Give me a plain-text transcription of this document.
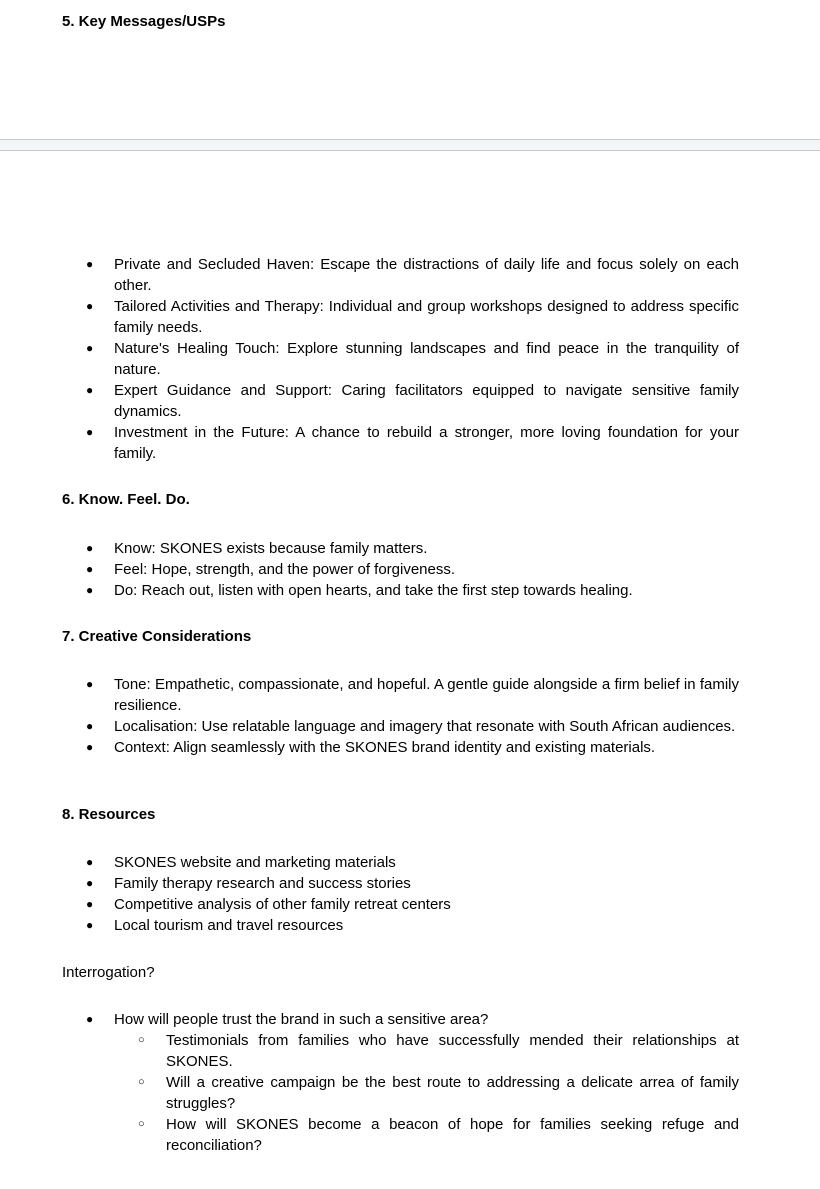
5. Key Messages/USPs
● Private and Secluded Haven: Escape the distractions of daily life and focus solely on each other.
● Tailored Activities and Therapy: Individual and group workshops designed to address specific family needs.
● Nature's Healing Touch: Explore stunning landscapes and find peace in the tranquility of nature.
● Expert Guidance and Support: Caring facilitators equipped to navigate sensitive family dynamics.
● Investment in the Future: A chance to rebuild a stronger, more loving foundation for your family.
6. Know. Feel. Do.
● Know: SKONES exists because family matters.
● Feel: Hope, strength, and the power of forgiveness.
● Do: Reach out, listen with open hearts, and take the first step towards healing.
7. Creative Considerations
● Tone: Empathetic, compassionate, and hopeful. A gentle guide alongside a firm belief in family resilience.
● Localisation: Use relatable language and imagery that resonate with South African audiences.
● Context: Align seamlessly with the SKONES brand identity and existing materials.
8. Resources
● SKONES website and marketing materials
● Family therapy research and success stories
● Competitive analysis of other family retreat centers
● Local tourism and travel resources

Interrogation?

● How will people trust the brand in such a sensitive area?
○ Testimonials from families who have successfully mended their relationships at SKONES.
○ Will a creative campaign be the best route to addressing a delicate arrea of family struggles?
○ How will SKONES become a beacon of hope for families seeking refuge and reconciliation?
